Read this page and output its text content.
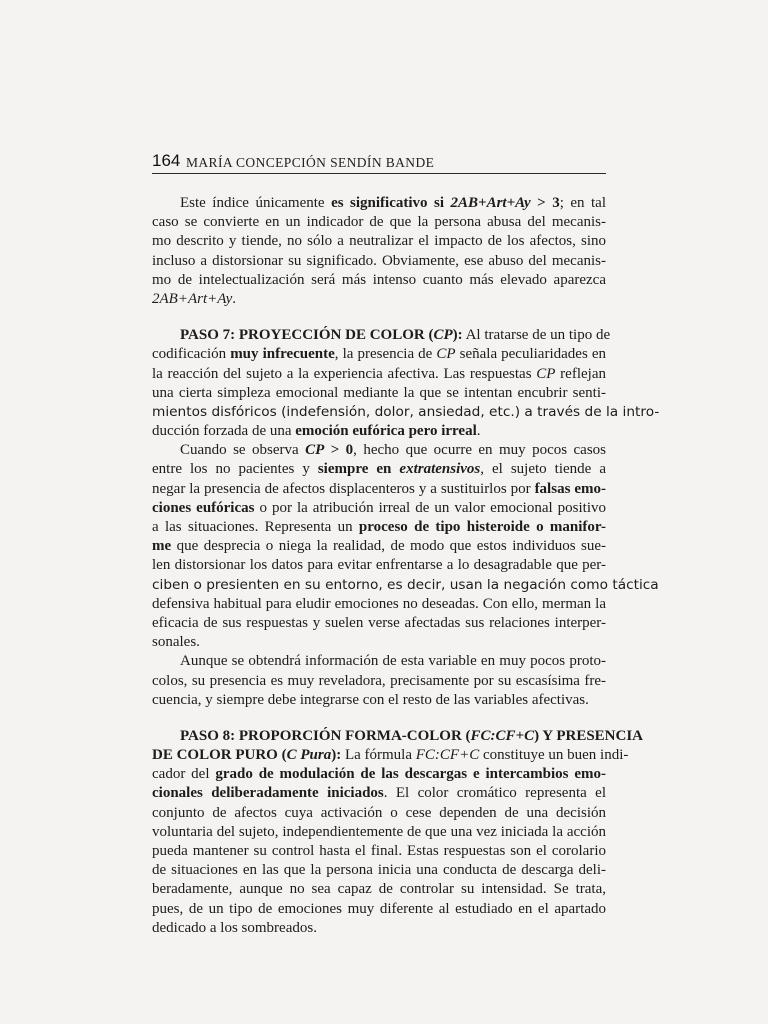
164 MARÍA CONCEPCIÓN SENDÍN BANDE
Este índice únicamente es significativo si 2AB+Art+Ay > 3; en tal
caso se convierte en un indicador de que la persona abusa del mecanis-
mo descrito y tiende, no sólo a neutralizar el impacto de los afectos, sino
incluso a distorsionar su significado. Obviamente, ese abuso del mecanis-
mo de intelectualización será más intenso cuanto más elevado aparezca
2AB+Art+Ay.
PASO 7: PROYECCIÓN DE COLOR (CP): Al tratarse de un tipo de
codificación muy infrecuente, la presencia de CP señala peculiaridades en
la reacción del sujeto a la experiencia afectiva. Las respuestas CP reflejan
una cierta simpleza emocional mediante la que se intentan encubrir senti-
mientos disfóricos (indefensión, dolor, ansiedad, etc.) a través de la intro-
ducción forzada de una emoción eufórica pero irreal.
Cuando se observa CP > 0, hecho que ocurre en muy pocos casos
entre los no pacientes y siempre en extratensivos, el sujeto tiende a
negar la presencia de afectos displacenteros y a sustituirlos por falsas emo-
ciones eufóricas o por la atribución irreal de un valor emocional positivo
a las situaciones. Representa un proceso de tipo histeroide o manifor-
me que desprecia o niega la realidad, de modo que estos individuos sue-
len distorsionar los datos para evitar enfrentarse a lo desagradable que per-
ciben o presienten en su entorno, es decir, usan la negación como táctica
defensiva habitual para eludir emociones no deseadas. Con ello, merman la
eficacia de sus respuestas y suelen verse afectadas sus relaciones interper-
sonales.
Aunque se obtendrá información de esta variable en muy pocos proto-
colos, su presencia es muy reveladora, precisamente por su escasísima fre-
cuencia, y siempre debe integrarse con el resto de las variables afectivas.
PASO 8: PROPORCIÓN FORMA-COLOR (FC:CF+C) Y PRESENCIA
DE COLOR PURO (C Pura): La fórmula FC:CF+C constituye un buen indi-
cador del grado de modulación de las descargas e intercambios emo-
cionales deliberadamente iniciados. El color cromático representa el
conjunto de afectos cuya activación o cese dependen de una decisión
voluntaria del sujeto, independientemente de que una vez iniciada la acción
pueda mantener su control hasta el final. Estas respuestas son el corolario
de situaciones en las que la persona inicia una conducta de descarga deli-
beradamente, aunque no sea capaz de controlar su intensidad. Se trata,
pues, de un tipo de emociones muy diferente al estudiado en el apartado
dedicado a los sombreados.
